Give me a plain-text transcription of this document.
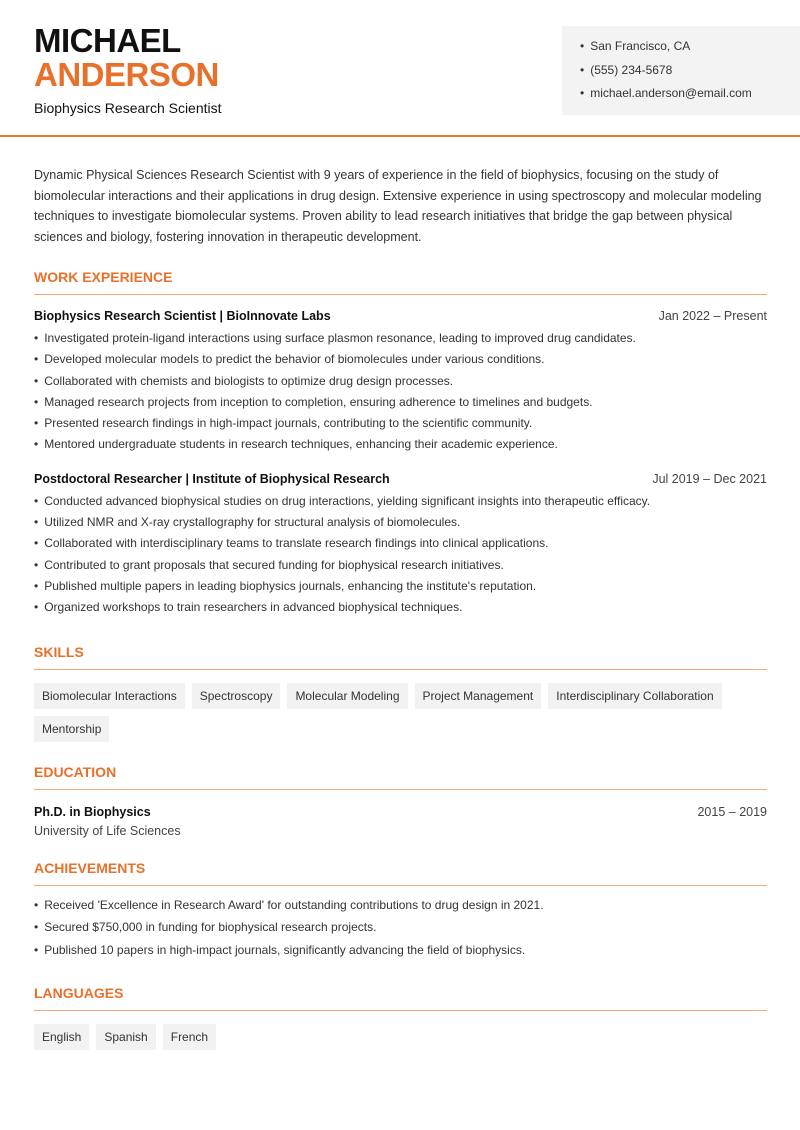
MICHAEL
ANDERSON
Biophysics Research Scientist
• San Francisco, CA
• (555) 234-5678
• michael.anderson@email.com

Dynamic Physical Sciences Research Scientist with 9 years of experience in the field of biophysics, focusing on the study of biomolecular interactions and their applications in drug design. Extensive experience in using spectroscopy and molecular modeling techniques to investigate biomolecular systems. Proven ability to lead research initiatives that bridge the gap between physical sciences and biology, fostering innovation in therapeutic development.

WORK EXPERIENCE
Biophysics Research Scientist | BioInnovate Labs	Jan 2022 – Present
• Investigated protein-ligand interactions using surface plasmon resonance, leading to improved drug candidates.
• Developed molecular models to predict the behavior of biomolecules under various conditions.
• Collaborated with chemists and biologists to optimize drug design processes.
• Managed research projects from inception to completion, ensuring adherence to timelines and budgets.
• Presented research findings in high-impact journals, contributing to the scientific community.
• Mentored undergraduate students in research techniques, enhancing their academic experience.
Postdoctoral Researcher | Institute of Biophysical Research	Jul 2019 – Dec 2021
• Conducted advanced biophysical studies on drug interactions, yielding significant insights into therapeutic efficacy.
• Utilized NMR and X-ray crystallography for structural analysis of biomolecules.
• Collaborated with interdisciplinary teams to translate research findings into clinical applications.
• Contributed to grant proposals that secured funding for biophysical research initiatives.
• Published multiple papers in leading biophysics journals, enhancing the institute's reputation.
• Organized workshops to train researchers in advanced biophysical techniques.
SKILLS
Biomolecular Interactions	Spectroscopy	Molecular Modeling	Project Management	Interdisciplinary Collaboration
Mentorship
EDUCATION
Ph.D. in Biophysics	2015 – 2019
University of Life Sciences
ACHIEVEMENTS
• Received 'Excellence in Research Award' for outstanding contributions to drug design in 2021.
• Secured $750,000 in funding for biophysical research projects.
• Published 10 papers in high-impact journals, significantly advancing the field of biophysics.
LANGUAGES
English	Spanish	French
